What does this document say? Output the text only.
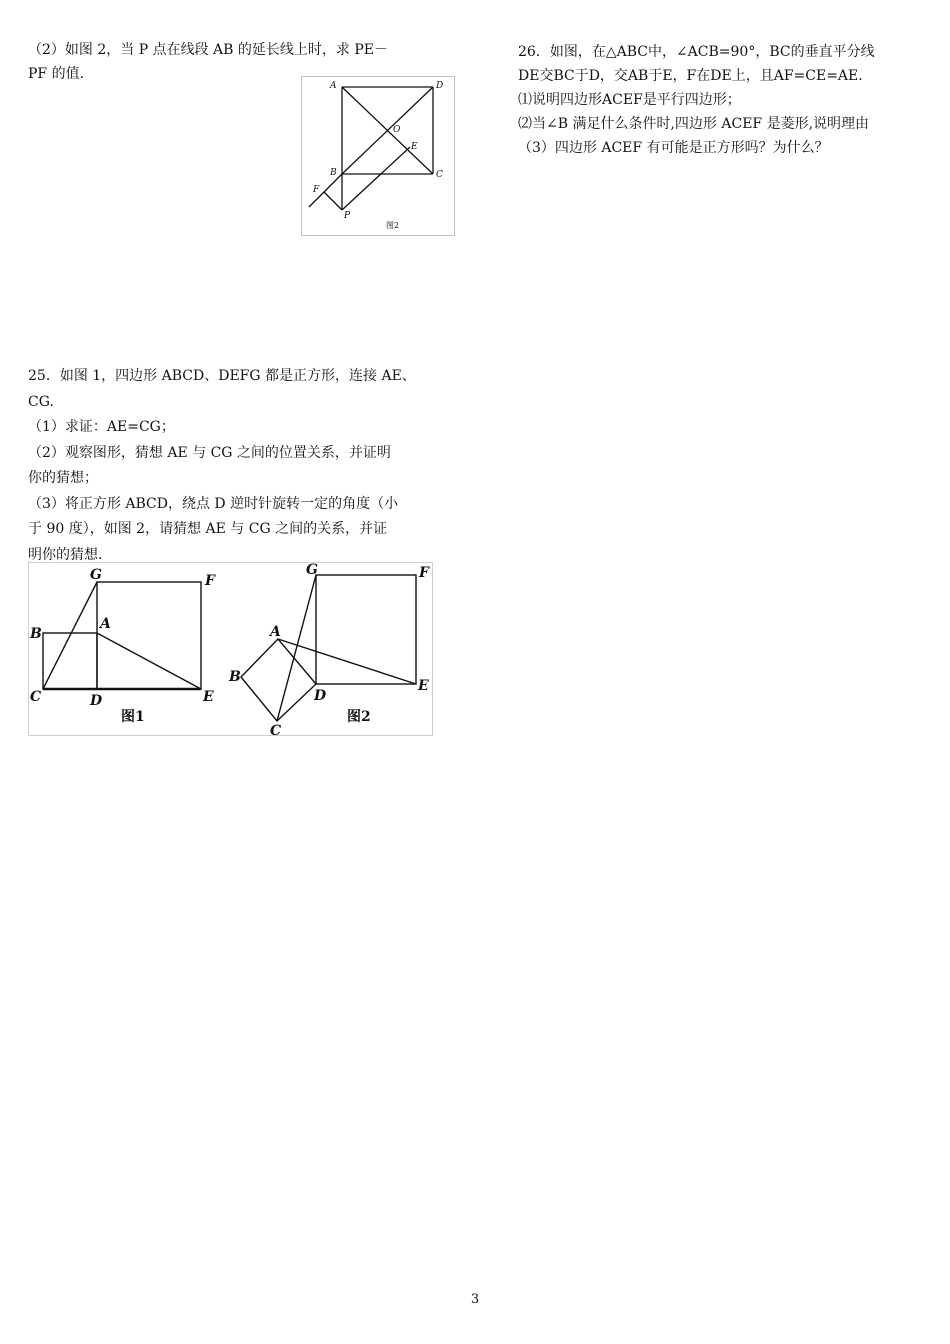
（2）如图 2，当 P 点在线段 AB 的延长线上时，求 PE－

PF 的值.

A	D
O
E
B	C
F
P
图2

26．如图，在△ABC中，∠ACB=90°，BC的垂直平分线

DE交BC于D，交AB于E，F在DE上，且AF=CE=AE.

⑴说明四边形ACEF是平行四边形；

⑵当∠B 满足什么条件时,四边形 ACEF 是菱形,说明理由

（3）四边形 ACEF 有可能是正方形吗？为什么？

25．如图 1，四边形 ABCD、DEFG 都是正方形，连接 AE、

CG.

（1）求证：AE=CG；

（2）观察图形，猜想 AE 与 CG 之间的位置关系，并证明

你的猜想；

（3）将正方形 ABCD，绕点 D 逆时针旋转一定的角度（小

于 90 度），如图 2，请猜想 AE 与 CG 之间的关系，并证

明你的猜想.

G	F
B
A
C	D	E
图1
G	F
A
B
D
E
C
图2
3
